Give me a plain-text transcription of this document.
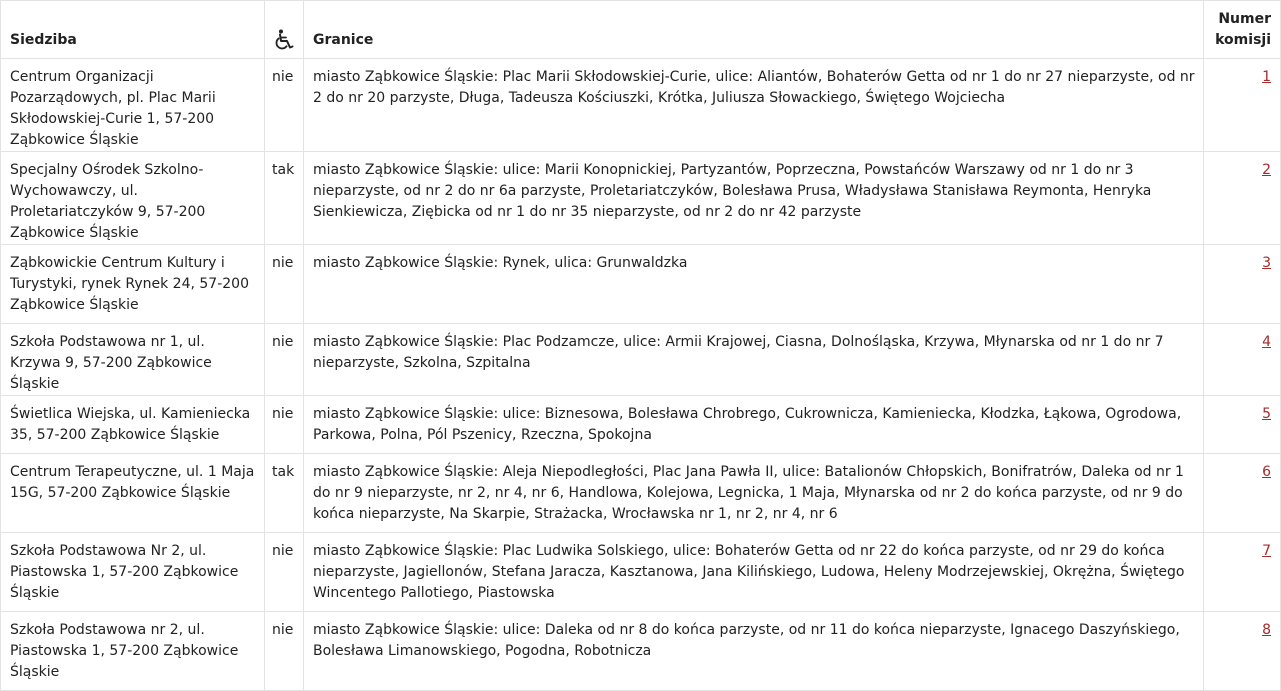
Siedziba		Granice	Numer komisji
Centrum Organizacji Pozarządowych, pl. Plac Marii Skłodowskiej-Curie 1, 57-200 Ząbkowice Śląskie	nie	miasto Ząbkowice Śląskie: Plac Marii Skłodowskiej-Curie, ulice: Aliantów, Bohaterów Getta od nr 1 do nr 27 nieparzyste, od nr 2 do nr 20 parzyste, Długa, Tadeusza Kościuszki, Krótka, Juliusza Słowackiego, Świętego Wojciecha	1
Specjalny Ośrodek Szkolno-Wychowawczy, ul. Proletariatczyków 9, 57-200 Ząbkowice Śląskie	tak	miasto Ząbkowice Śląskie: ulice: Marii Konopnickiej, Partyzantów, Poprzeczna, Powstańców Warszawy od nr 1 do nr 3 nieparzyste, od nr 2 do nr 6a parzyste, Proletariatczyków, Bolesława Prusa, Władysława Stanisława Reymonta, Henryka Sienkiewicza, Ziębicka od nr 1 do nr 35 nieparzyste, od nr 2 do nr 42 parzyste	2
Ząbkowickie Centrum Kultury i Turystyki, rynek Rynek 24, 57-200 Ząbkowice Śląskie	nie	miasto Ząbkowice Śląskie: Rynek, ulica: Grunwaldzka	3
Szkoła Podstawowa nr 1, ul. Krzywa 9, 57-200 Ząbkowice Śląskie	nie	miasto Ząbkowice Śląskie: Plac Podzamcze, ulice: Armii Krajowej, Ciasna, Dolnośląska, Krzywa, Młynarska od nr 1 do nr 7 nieparzyste, Szkolna, Szpitalna	4
Świetlica Wiejska, ul. Kamieniecka 35, 57-200 Ząbkowice Śląskie	nie	miasto Ząbkowice Śląskie: ulice: Biznesowa, Bolesława Chrobrego, Cukrownicza, Kamieniecka, Kłodzka, Łąkowa, Ogrodowa, Parkowa, Polna, Pól Pszenicy, Rzeczna, Spokojna	5
Centrum Terapeutyczne, ul. 1 Maja 15G, 57-200 Ząbkowice Śląskie	tak	miasto Ząbkowice Śląskie: Aleja Niepodległości, Plac Jana Pawła II, ulice: Batalionów Chłopskich, Bonifratrów, Daleka od nr 1 do nr 9 nieparzyste, nr 2, nr 4, nr 6, Handlowa, Kolejowa, Legnicka, 1 Maja, Młynarska od nr 2 do końca parzyste, od nr 9 do końca nieparzyste, Na Skarpie, Strażacka, Wrocławska nr 1, nr 2, nr 4, nr 6	6
Szkoła Podstawowa Nr 2, ul. Piastowska 1, 57-200 Ząbkowice Śląskie	nie	miasto Ząbkowice Śląskie: Plac Ludwika Solskiego, ulice: Bohaterów Getta od nr 22 do końca parzyste, od nr 29 do końca nieparzyste, Jagiellonów, Stefana Jaracza, Kasztanowa, Jana Kilińskiego, Ludowa, Heleny Modrzejewskiej, Okrężna, Świętego Wincentego Pallotiego, Piastowska	7
Szkoła Podstawowa nr 2, ul. Piastowska 1, 57-200 Ząbkowice Śląskie	nie	miasto Ząbkowice Śląskie: ulice: Daleka od nr 8 do końca parzyste, od nr 11 do końca nieparzyste, Ignacego Daszyńskiego, Bolesława Limanowskiego, Pogodna, Robotnicza	8
